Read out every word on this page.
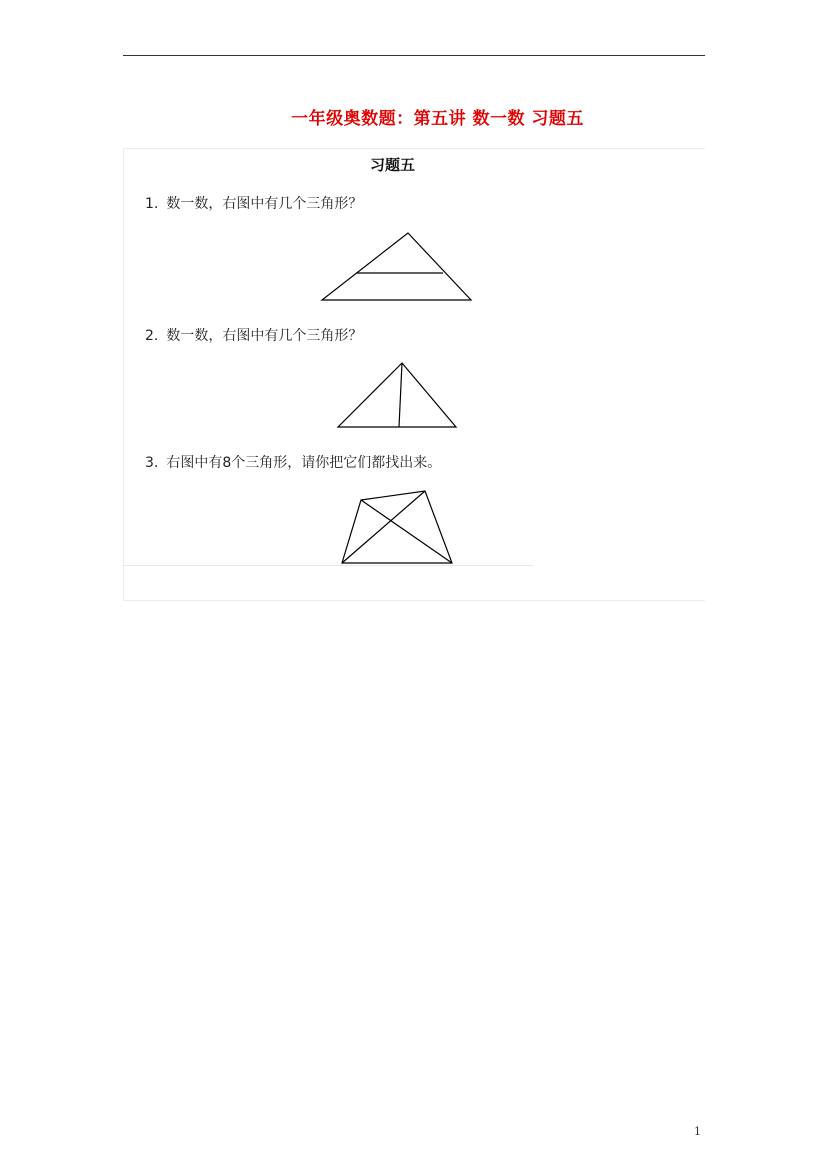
一年级奥数题：第五讲 数一数 习题五
习题五
1. 数一数，右图中有几个三角形？
2. 数一数，右图中有几个三角形？
3. 右图中有8个三角形，请你把它们都找出来。
1
